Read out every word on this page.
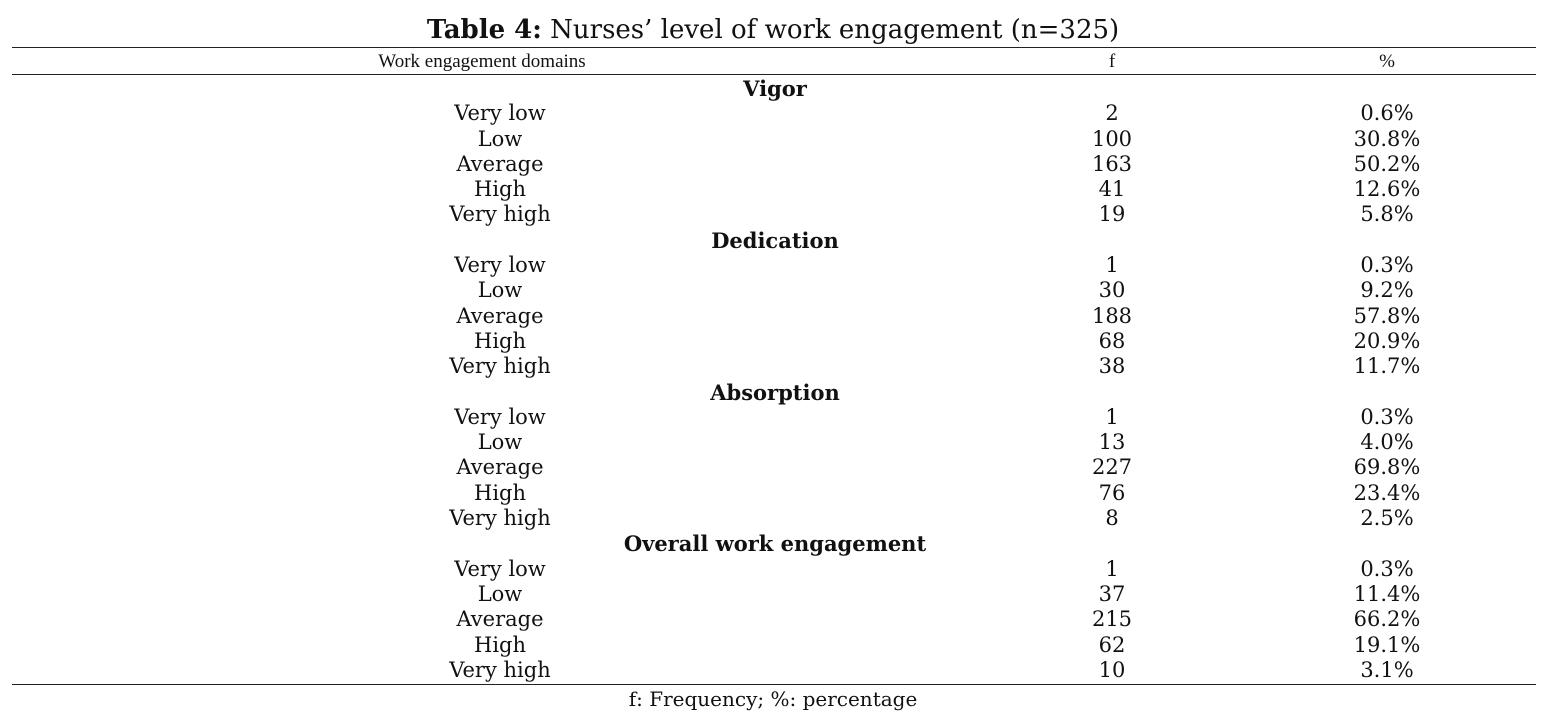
Table 4: Nurses’ level of work engagement (n=325)
Work engagement domains	f	%
Vigor
Very low	2	0.6%
Low	100	30.8%
Average	163	50.2%
High	41	12.6%
Very high	19	5.8%
Dedication
Very low	1	0.3%
Low	30	9.2%
Average	188	57.8%
High	68	20.9%
Very high	38	11.7%
Absorption
Very low	1	0.3%
Low	13	4.0%
Average	227	69.8%
High	76	23.4%
Very high	8	2.5%
Overall work engagement
Very low	1	0.3%
Low	37	11.4%
Average	215	66.2%
High	62	19.1%
Very high	10	3.1%
f: Frequency; %: percentage
